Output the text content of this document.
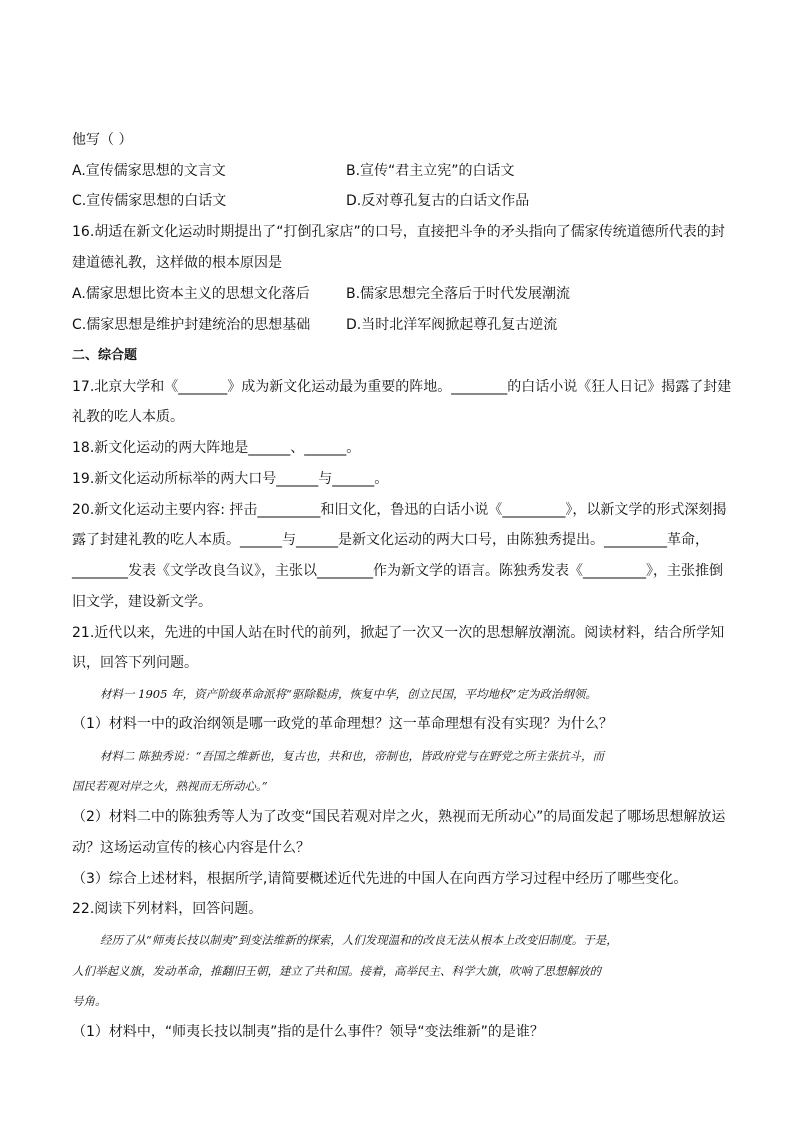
他写（ ）
A.宣传儒家思想的文言文	B.宣传“君主立宪”的白话文
C.宣传儒家思想的白话文	D.反对尊孔复古的白话文作品
16.胡适在新文化运动时期提出了“打倒孔家店”的口号，直接把斗争的矛头指向了儒家传统道德所代表的封
建道德礼教，这样做的根本原因是
A.儒家思想比资本主义的思想文化落后	B.儒家思想完全落后于时代发展潮流
C.儒家思想是维护封建统治的思想基础	D.当时北洋军阀掀起尊孔复古逆流
二、综合题
17.北京大学和《_______》成为新文化运动最为重要的阵地。________的白话小说《狂人日记》揭露了封建
礼教的吃人本质。
18.新文化运动的两大阵地是______、______。
19.新文化运动所标举的两大口号______与______。
20.新文化运动主要内容: 抨击_________和旧文化，鲁迅的白话小说《_________》，以新文学的形式深刻揭
露了封建礼教的吃人本质。______与______是新文化运动的两大口号，由陈独秀提出。_________革命，
________发表《文学改良刍议》，主张以________作为新文学的语言。陈独秀发表《_________》，主张推倒
旧文学，建设新文学。
21.近代以来，先进的中国人站在时代的前列，掀起了一次又一次的思想解放潮流。阅读材料，结合所学知
识，回答下列问题。
材料一 1905 年，资产阶级革命派将“驱除鞑虏，恢复中华，创立民国，平均地权”定为政治纲领。
（1）材料一中的政治纲领是哪一政党的革命理想？这一革命理想有没有实现？为什么？
材料二 陈独秀说：“吾国之维新也，复古也，共和也，帝制也，皆政府党与在野党之所主张抗斗，而
国民若观对岸之火，熟视而无所动心。”
（2）材料二中的陈独秀等人为了改变“国民若观对岸之火，熟视而无所动心”的局面发起了哪场思想解放运
动？这场运动宣传的核心内容是什么？
（3）综合上述材料，根据所学,请简要概述近代先进的中国人在向西方学习过程中经历了哪些变化。
22.阅读下列材料，回答问题。
经历了从“师夷长技以制夷”到变法维新的探索，人们发现温和的改良无法从根本上改变旧制度。于是，
人们举起义旗，发动革命，推翻旧王朝，建立了共和国。接着，高举民主、科学大旗，吹响了思想解放的
号角。
（1）材料中，“师夷长技以制夷”指的是什么事件？领导“变法维新”的是谁？
